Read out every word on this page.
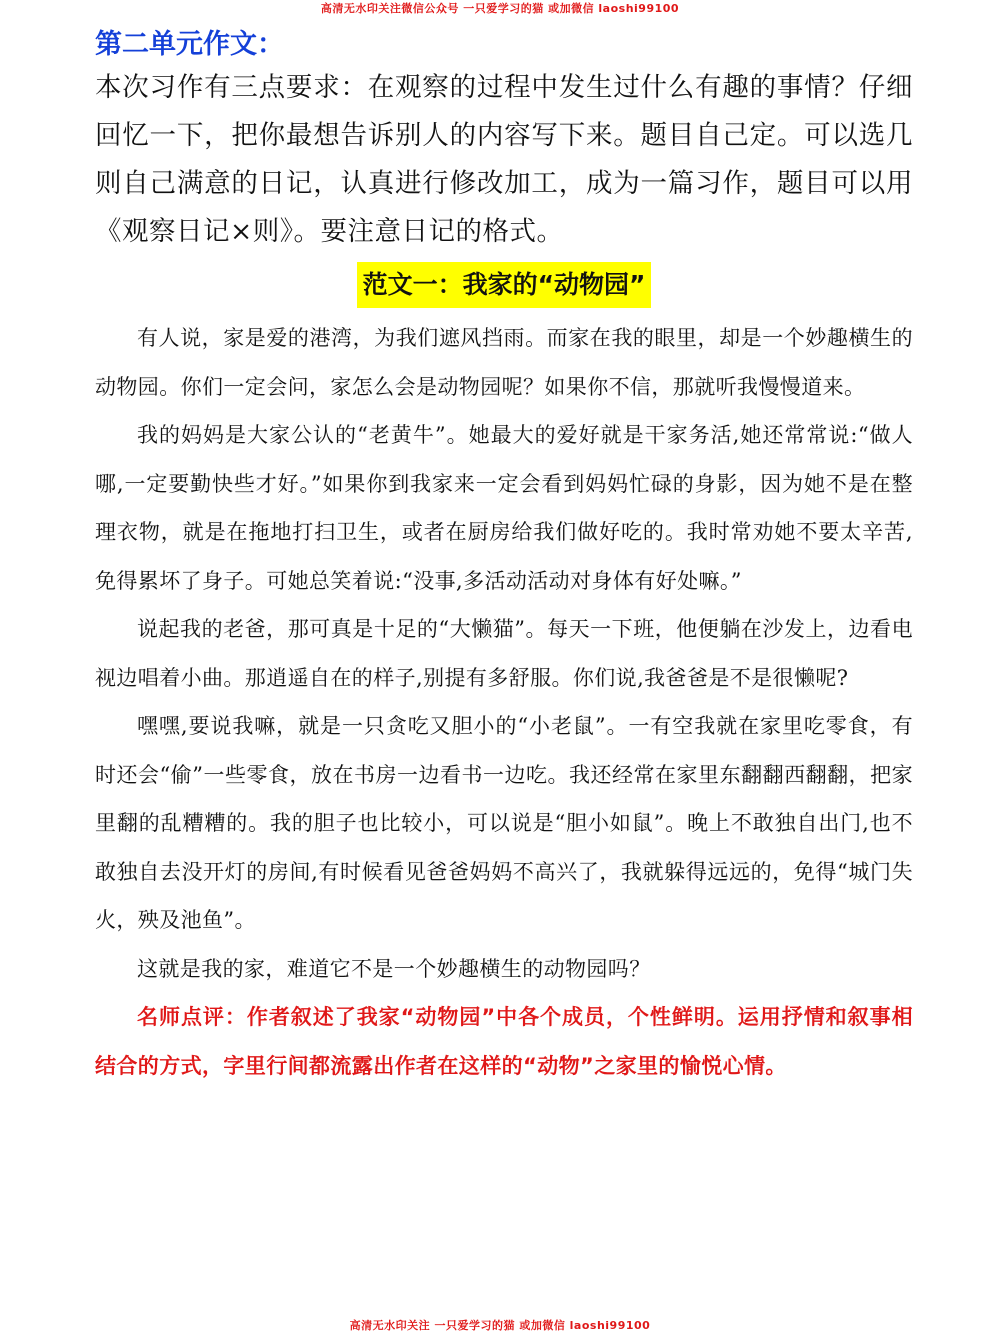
高清无水印关注微信公众号 一只爱学习的猫 或加微信 laoshi99100
第二单元作文：

本次习作有三点要求：在观察的过程中发生过什么有趣的事情？仔细回忆一下，把你最想告诉别人的内容写下来。题目自己定。可以选几则自己满意的日记，认真进行修改加工，成为一篇习作，题目可以用《观察日记×则》。要注意日记的格式。

范文一：我家的“动物园”

有人说，家是爱的港湾，为我们遮风挡雨。而家在我的眼里，却是一个妙趣横生的动物园。你们一定会问，家怎么会是动物园呢？如果你不信，那就听我慢慢道来。

我的妈妈是大家公认的“老黄牛”。她最大的爱好就是干家务活,她还常常说:“做人哪,一定要勤快些才好。”如果你到我家来一定会看到妈妈忙碌的身影，因为她不是在整理衣物，就是在拖地打扫卫生，或者在厨房给我们做好吃的。我时常劝她不要太辛苦,免得累坏了身子。可她总笑着说:“没事,多活动活动对身体有好处嘛。”

说起我的老爸，那可真是十足的“大懒猫”。每天一下班，他便躺在沙发上，边看电视边唱着小曲。那逍遥自在的样子,别提有多舒服。你们说,我爸爸是不是很懒呢?

嘿嘿,要说我嘛，就是一只贪吃又胆小的“小老鼠”。一有空我就在家里吃零食，有时还会“偷”一些零食，放在书房一边看书一边吃。我还经常在家里东翻翻西翻翻，把家里翻的乱糟糟的。我的胆子也比较小，可以说是“胆小如鼠”。晚上不敢独自出门,也不敢独自去没开灯的房间,有时候看见爸爸妈妈不高兴了，我就躲得远远的，免得“城门失火，殃及池鱼”。

这就是我的家，难道它不是一个妙趣横生的动物园吗？

名师点评：作者叙述了我家“动物园”中各个成员，个性鲜明。运用抒情和叙事相结合的方式，字里行间都流露出作者在这样的“动物”之家里的愉悦心情。

高清无水印关注 一只爱学习的猫 或加微信 laoshi99100
